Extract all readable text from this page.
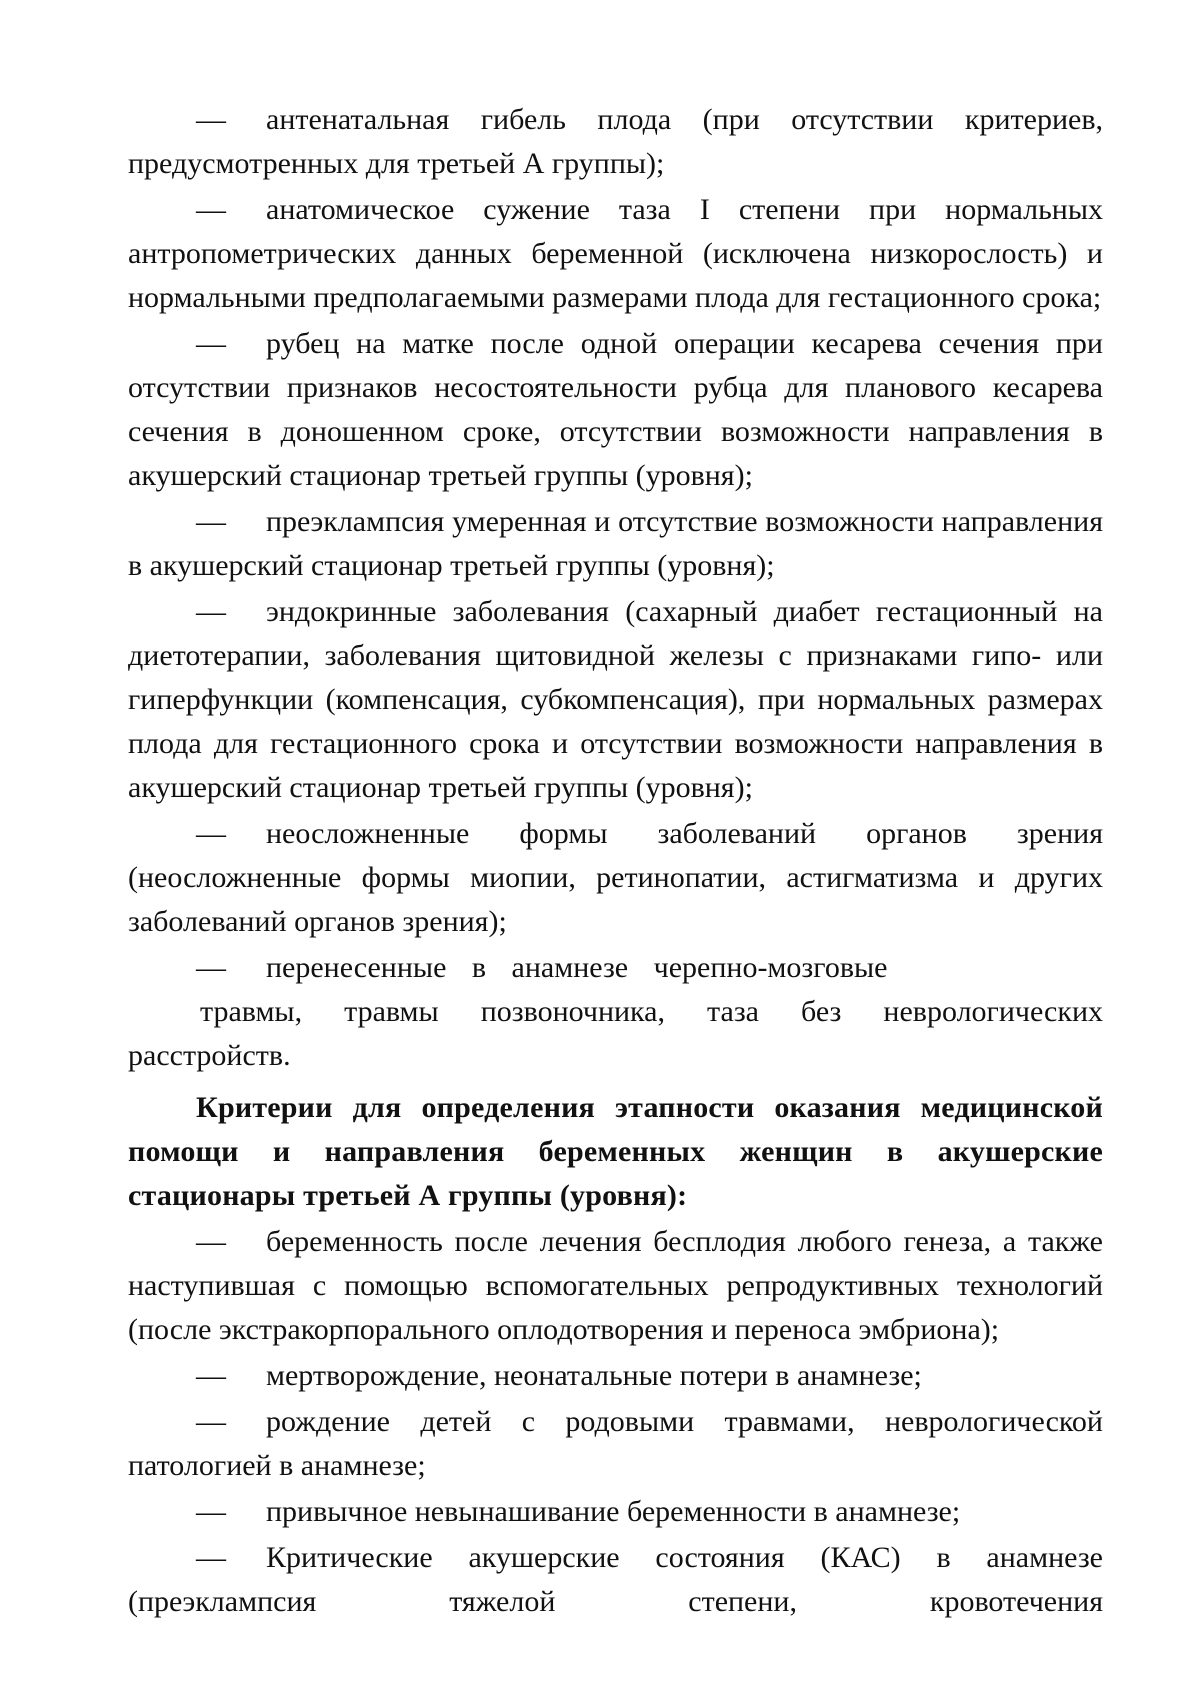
— антенатальная гибель плода (при отсутствии критериев, предусмотренных для третьей А группы);

— анатомическое сужение таза I степени при нормальных антропометрических данных беременной (исключена низкорослость) и нормальными предполагаемыми размерами плода для гестационного срока;

— рубец на матке после одной операции кесарева сечения при отсутствии признаков несостоятельности рубца для планового кесарева сечения в доношенном сроке, отсутствии возможности направления в акушерский стационар третьей группы (уровня);

— преэклампсия умеренная и отсутствие возможности направления в акушерский стационар третьей группы (уровня);

— эндокринные заболевания (сахарный диабет гестационный на диетотерапии, заболевания щитовидной железы с признаками гипо- или гиперфункции (компенсация, субкомпенсация), при нормальных размерах плода для гестационного срока и отсутствии возможности направления в акушерский стационар третьей группы (уровня);

— неосложненные формы заболеваний органов зрения (неосложненные формы миопии, ретинопатии, астигматизма и других заболеваний органов зрения);

— перенесенные в анамнезе черепно-мозговые
травмы, травмы позвоночника, таза без неврологических
расстройств.

Критерии для определения этапности оказания медицинской помощи и направления беременных женщин в акушерские стационары третьей А группы (уровня):

— беременность после лечения бесплодия любого генеза, а также наступившая с помощью вспомогательных репродуктивных технологий (после экстракорпорального оплодотворения и переноса эмбриона);

— мертворождение, неонатальные потери в анамнезе;

— рождение детей с родовыми травмами, неврологической патологией в анамнезе;

— привычное невынашивание беременности в анамнезе;

— Критические акушерские состояния (КАС) в анамнезе (преэклампсия тяжелой степени, кровотечения
